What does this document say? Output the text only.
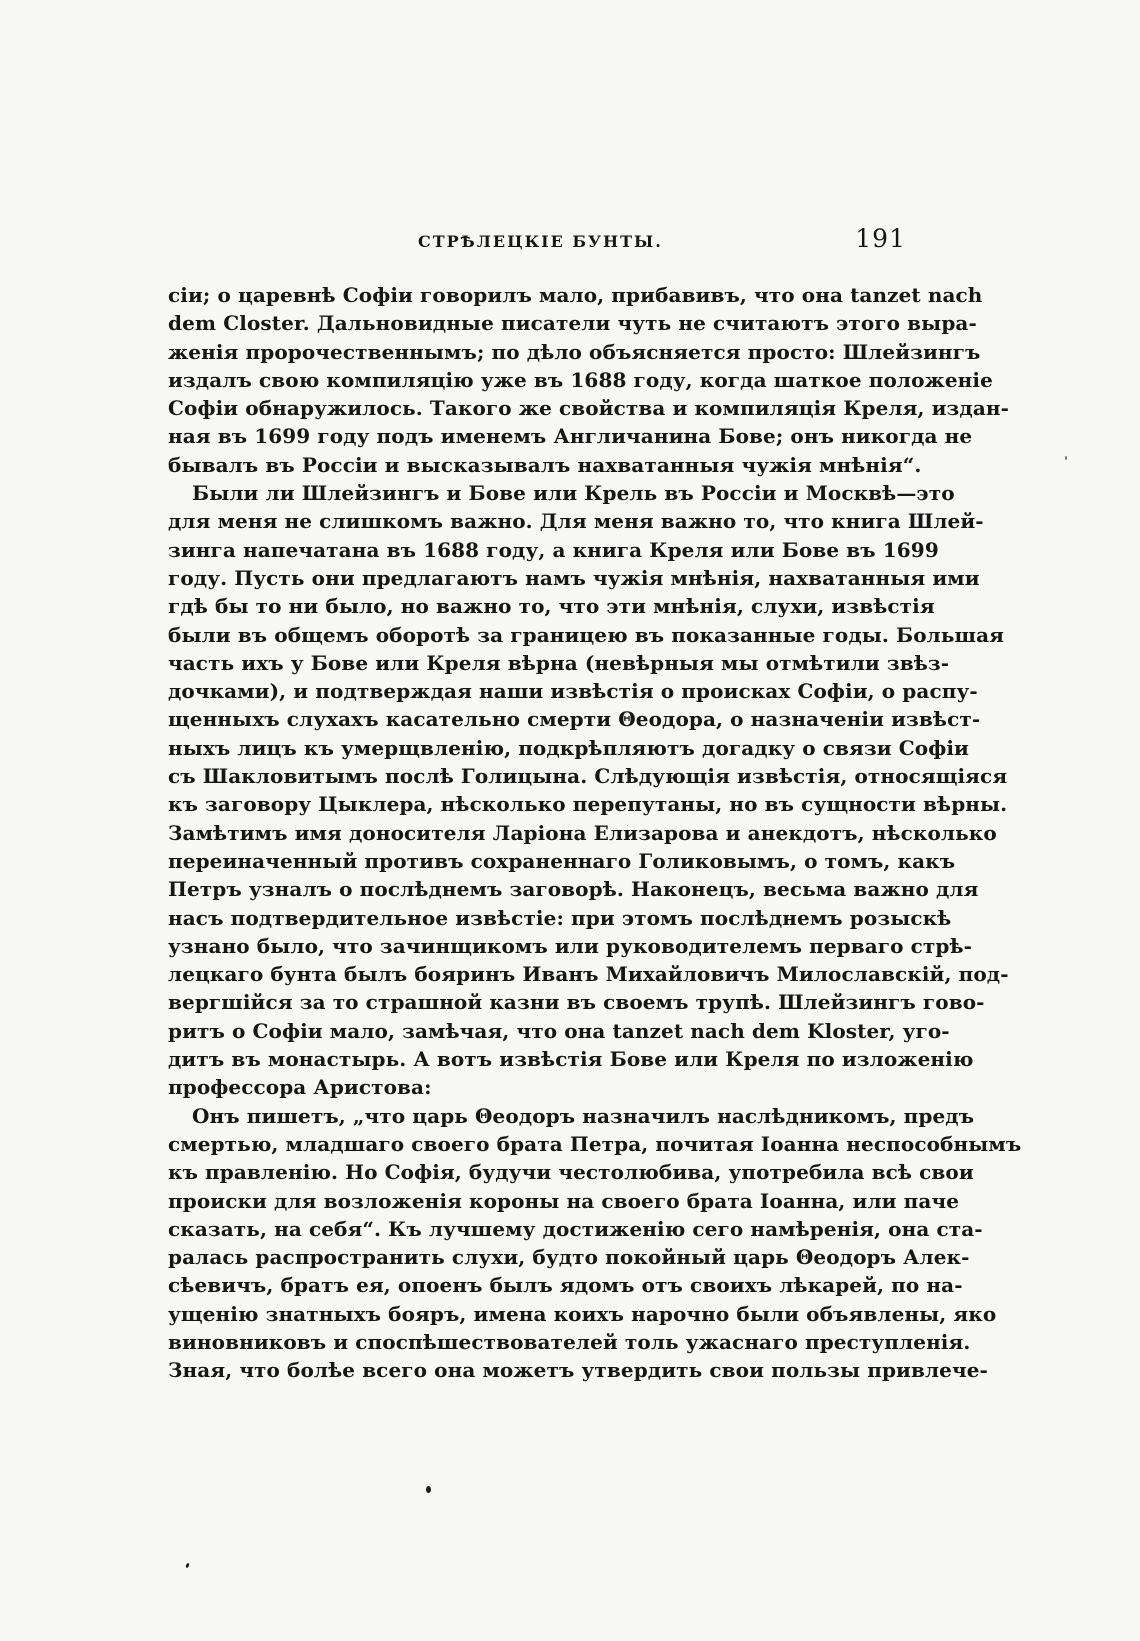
СТРѢЛЕЦКІЕ БУНТЫ.	191
сіи; о царевнѣ Софіи говорилъ мало, прибавивъ, что она tanzet nach
dem Closter. Дальновидные писатели чуть не считаютъ этого выра-
женія пророчественнымъ; по дѣло объясняется просто: Шлейзингъ
издалъ свою компиляцію уже въ 1688 году, когда шаткое положеніе
Софіи обнаружилось. Такого же свойства и компиляція Креля, издан-
ная въ 1699 году подъ именемъ Англичанина Бове; онъ никогда не
бывалъ въ Россіи и высказывалъ нахватанныя чужія мнѣнія“.
Были ли Шлейзингъ и Бове или Крель въ Россіи и Москвѣ—это
для меня не слишкомъ важно. Для меня важно то, что книга Шлей-
зинга напечатана въ 1688 году, а книга Креля или Бове въ 1699
году. Пусть они предлагаютъ намъ чужія мнѣнія, нахватанныя ими
гдѣ бы то ни было, но важно то, что эти мнѣнія, слухи, извѣстія
были въ общемъ оборотѣ за границею въ показанные годы. Большая
часть ихъ у Бове или Креля вѣрна (невѣрныя мы отмѣтили звѣз-
дочками), и подтверждая наши извѣстія о происках Софіи, о распу-
щенныхъ слухахъ касательно смерти Θеодора, о назначеніи извѣст-
ныхъ лицъ къ умерщвленію, подкрѣпляютъ догадку о связи Софіи
съ Шакловитымъ послѣ Голицына. Слѣдующія извѣстія, относящіяся
къ заговору Цыклера, нѣсколько перепутаны, но въ сущности вѣрны.
Замѣтимъ имя доносителя Ларіона Елизарова и анекдотъ, нѣсколько
переиначенный противъ сохраненнаго Голиковымъ, о томъ, какъ
Петръ узналъ о послѣднемъ заговорѣ. Наконецъ, весьма важно для
насъ подтвердительное извѣстіе: при этомъ послѣднемъ розыскѣ
узнано было, что зачинщикомъ или руководителемъ перваго стрѣ-
лецкаго бунта былъ бояринъ Иванъ Михайловичъ Милославскій, под-
вергшійся за то страшной казни въ своемъ трупѣ. Шлейзингъ гово-
ритъ о Софіи мало, замѣчая, что она tanzet nach dem Kloster, уго-
дитъ въ монастырь. А вотъ извѣстія Бове или Креля по изложенію
профессора Аристова:
Онъ пишетъ, „что царь Θеодоръ назначилъ наслѣдникомъ, предъ
смертью, младшаго своего брата Петра, почитая Іоанна неспособнымъ
къ правленію. Но Софія, будучи честолюбива, употребила всѣ свои
происки для возложенія короны на своего брата Іоанна, или паче
сказать, на себя“. Къ лучшему достиженію сего намѣренія, она ста-
ралась распространить слухи, будто покойный царь Θеодоръ Алек-
сѣевичъ, братъ ея, опоенъ былъ ядомъ отъ своихъ лѣкарей, по на-
ущенію знатныхъ бояръ, имена коихъ нарочно были объявлены, яко
виновниковъ и споспѣшествователей толь ужаснаго преступленія.
Зная, что болѣе всего она можетъ утвердить свои пользы привлече-
